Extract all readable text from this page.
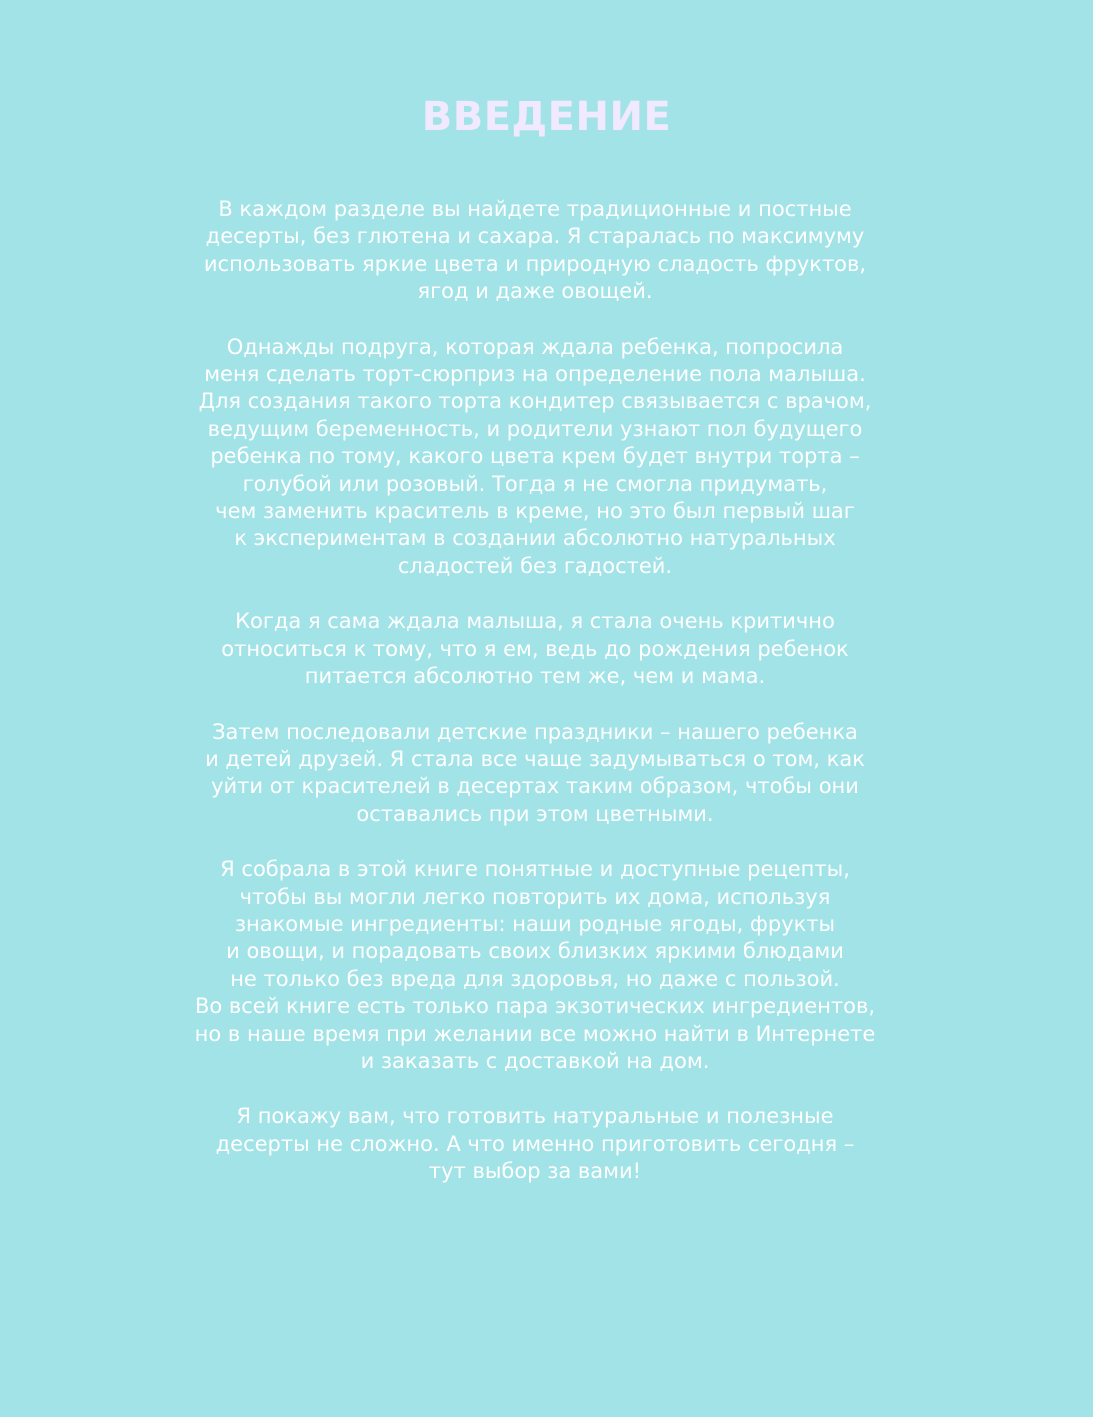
ВВЕДЕНИЕ

В каждом разделе вы найдете традиционные и постные
десерты, без глютена и сахара. Я старалась по максимуму
использовать яркие цвета и природную сладость фруктов,
ягод и даже овощей.

Однажды подруга, которая ждала ребенка, попросила
меня сделать торт-сюрприз на определение пола малыша.
Для создания такого торта кондитер связывается с врачом,
ведущим беременность, и родители узнают пол будущего
ребенка по тому, какого цвета крем будет внутри торта –
голубой или розовый. Тогда я не смогла придумать,
чем заменить краситель в креме, но это был первый шаг
к экспериментам в создании абсолютно натуральных
сладостей без гадостей.

Когда я сама ждала малыша, я стала очень критично
относиться к тому, что я ем, ведь до рождения ребенок
питается абсолютно тем же, чем и мама.

Затем последовали детские праздники – нашего ребенка
и детей друзей. Я стала все чаще задумываться о том, как
уйти от красителей в десертах таким образом, чтобы они
оставались при этом цветными.

Я собрала в этой книге понятные и доступные рецепты,
чтобы вы могли легко повторить их дома, используя
знакомые ингредиенты: наши родные ягоды, фрукты
и овощи, и порадовать своих близких яркими блюдами
не только без вреда для здоровья, но даже с пользой.
Во всей книге есть только пара экзотических ингредиентов,
но в наше время при желании все можно найти в Интернете
и заказать с доставкой на дом.

Я покажу вам, что готовить натуральные и полезные
десерты не сложно. А что именно приготовить сегодня –
тут выбор за вами!
